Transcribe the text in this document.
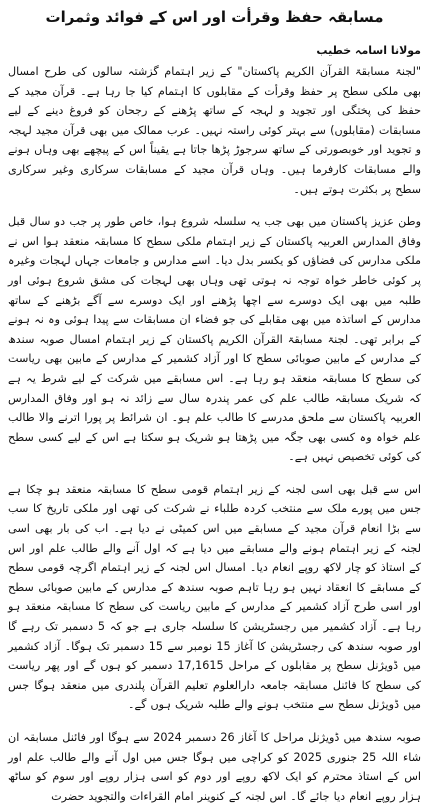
مسابقہ حفظ وقرأت اور اس کے فوائد وثمرات
مولانا اسامہ خطیب

"لجنۃ مسابقۃ القرآن الکریم پاکستان" کے زیر اہتمام گزشتہ سالوں کی طرح امسال بھی ملکی سطح پر حفظ وقرأت کے مقابلوں کا اہتمام کیا جا رہا ہے۔ قرآن مجید کے حفظ کی پختگی اور تجوید و لہجہ کے ساتھ پڑھنے کے رجحان کو فروغ دینے کے لیے مسابقات (مقابلوں) سے بہتر کوئی راستہ نہیں۔ عرب ممالک میں بھی قرآن مجید لہجہ و تجوید اور خوبصورتی کے ساتھ سرجوڑ پڑھا جاتا ہے یقیناً اس کے پیچھے بھی وہاں ہونے والے مسابقات کارفرما ہیں۔ وہاں قرآن مجید کے مسابقات سرکاری وغیر سرکاری سطح پر بکثرت ہوتے ہیں۔

وطن عزیز پاکستان میں بھی جب یہ سلسلہ شروع ہوا، خاص طور پر جب دو سال قبل وفاق المدارس العربیہ پاکستان کے زیر اہتمام ملکی سطح کا مسابقہ منعقد ہوا اس نے ملکی مدارس کی فضاؤں کو یکسر بدل دیا۔ اسے مدارس و جامعات جہاں لہجات وغیرہ پر کوئی خاطر خواہ توجہ نہ ہوتی تھی وہاں بھی لہجات کی مشق شروع ہوئی اور طلبہ میں بھی ایک دوسرے سے اچھا پڑھنے اور ایک دوسرے سے آگے بڑھنے کے ساتھ مدارس کے اساتذہ میں بھی مقابلے کی جو فضاء ان مسابقات سے پیدا ہوئی وہ نہ ہونے کے برابر تھی۔ لجنۃ مسابقۃ القرآن الکریم پاکستان کے زیر اہتمام امسال صوبہ سندھ کے مدارس کے مابین صوبائی سطح کا اور آزاد کشمیر کے مدارس کے مابین بھی ریاست کی سطح کا مسابقہ منعقد ہو رہا ہے۔ اس مسابقے میں شرکت کے لیے شرط یہ ہے کہ شریک مسابقہ طالب علم کی عمر پندرہ سال سے زائد نہ ہو اور وفاق المدارس العربیہ پاکستان سے ملحق مدرسے کا طالب علم ہو۔ ان شرائط پر پورا اترنے والا طالب علم خواہ وہ کسی بھی جگہ میں پڑھتا ہو شریک ہو سکتا ہے اس کے لیے کسی سطح کی کوئی تخصیص نہیں ہے۔

اس سے قبل بھی اسی لجنہ کے زیر اہتمام قومی سطح کا مسابقہ منعقد ہو چکا ہے جس میں پورے ملک سے منتخب کردہ طلباء نے شرکت کی تھی اور ملکی تاریخ کا سب سے بڑا انعام قرآن مجید کے مسابقے میں اس کمیٹی نے دیا ہے۔ اب کی بار بھی اسی لجنہ کے زیر اہتمام ہونے والے مسابقے میں دیا ہے کہ اول آنے والے طالب علم اور اس کے استاذ کو چار لاکھ روپے انعام دیا۔ امسال اس لجنہ کے زیر اہتمام اگرچہ قومی سطح کے مسابقے کا انعقاد نہیں ہو رہا تاہم صوبہ سندھ کے مدارس کے مابین صوبائی سطح اور اسی طرح آزاد کشمیر کے مدارس کے مابین ریاست کی سطح کا مسابقہ منعقد ہو رہا ہے۔ آزاد کشمیر میں رجسٹریشن کا سلسلہ جاری ہے جو کہ 5 دسمبر تک رہے گا اور صوبہ سندھ کی رجسٹریشن کا آغاز 15 نومبر سے 15 دسمبر تک ہوگا۔ آزاد کشمیر میں ڈویژنل سطح پر مقابلوں کے مراحل 17,1615 دسمبر کو ہوں گے اور پھر ریاست کی سطح کا فائنل مسابقہ جامعہ دارالعلوم تعلیم القرآن پلندری میں منعقد ہوگا جس میں ڈویژنل سطح سے منتخب ہونے والے طلبہ شریک ہوں گے۔

صوبہ سندھ میں ڈویژنل مراحل کا آغاز 26 دسمبر 2024 سے ہوگا اور فائنل مسابقہ ان شاء اللہ 25 جنوری 2025 کو کراچی میں ہوگا جس میں اول آنے والے طالب علم اور اس کے استاذ محترم کو ایک لاکھ روپے اور دوم کو اسی ہزار روپے اور سوم کو ساٹھ ہزار روپے انعام دیا جائے گا۔ اس لجنہ کے کنوینر امام القراءات والتجوید حضرت
